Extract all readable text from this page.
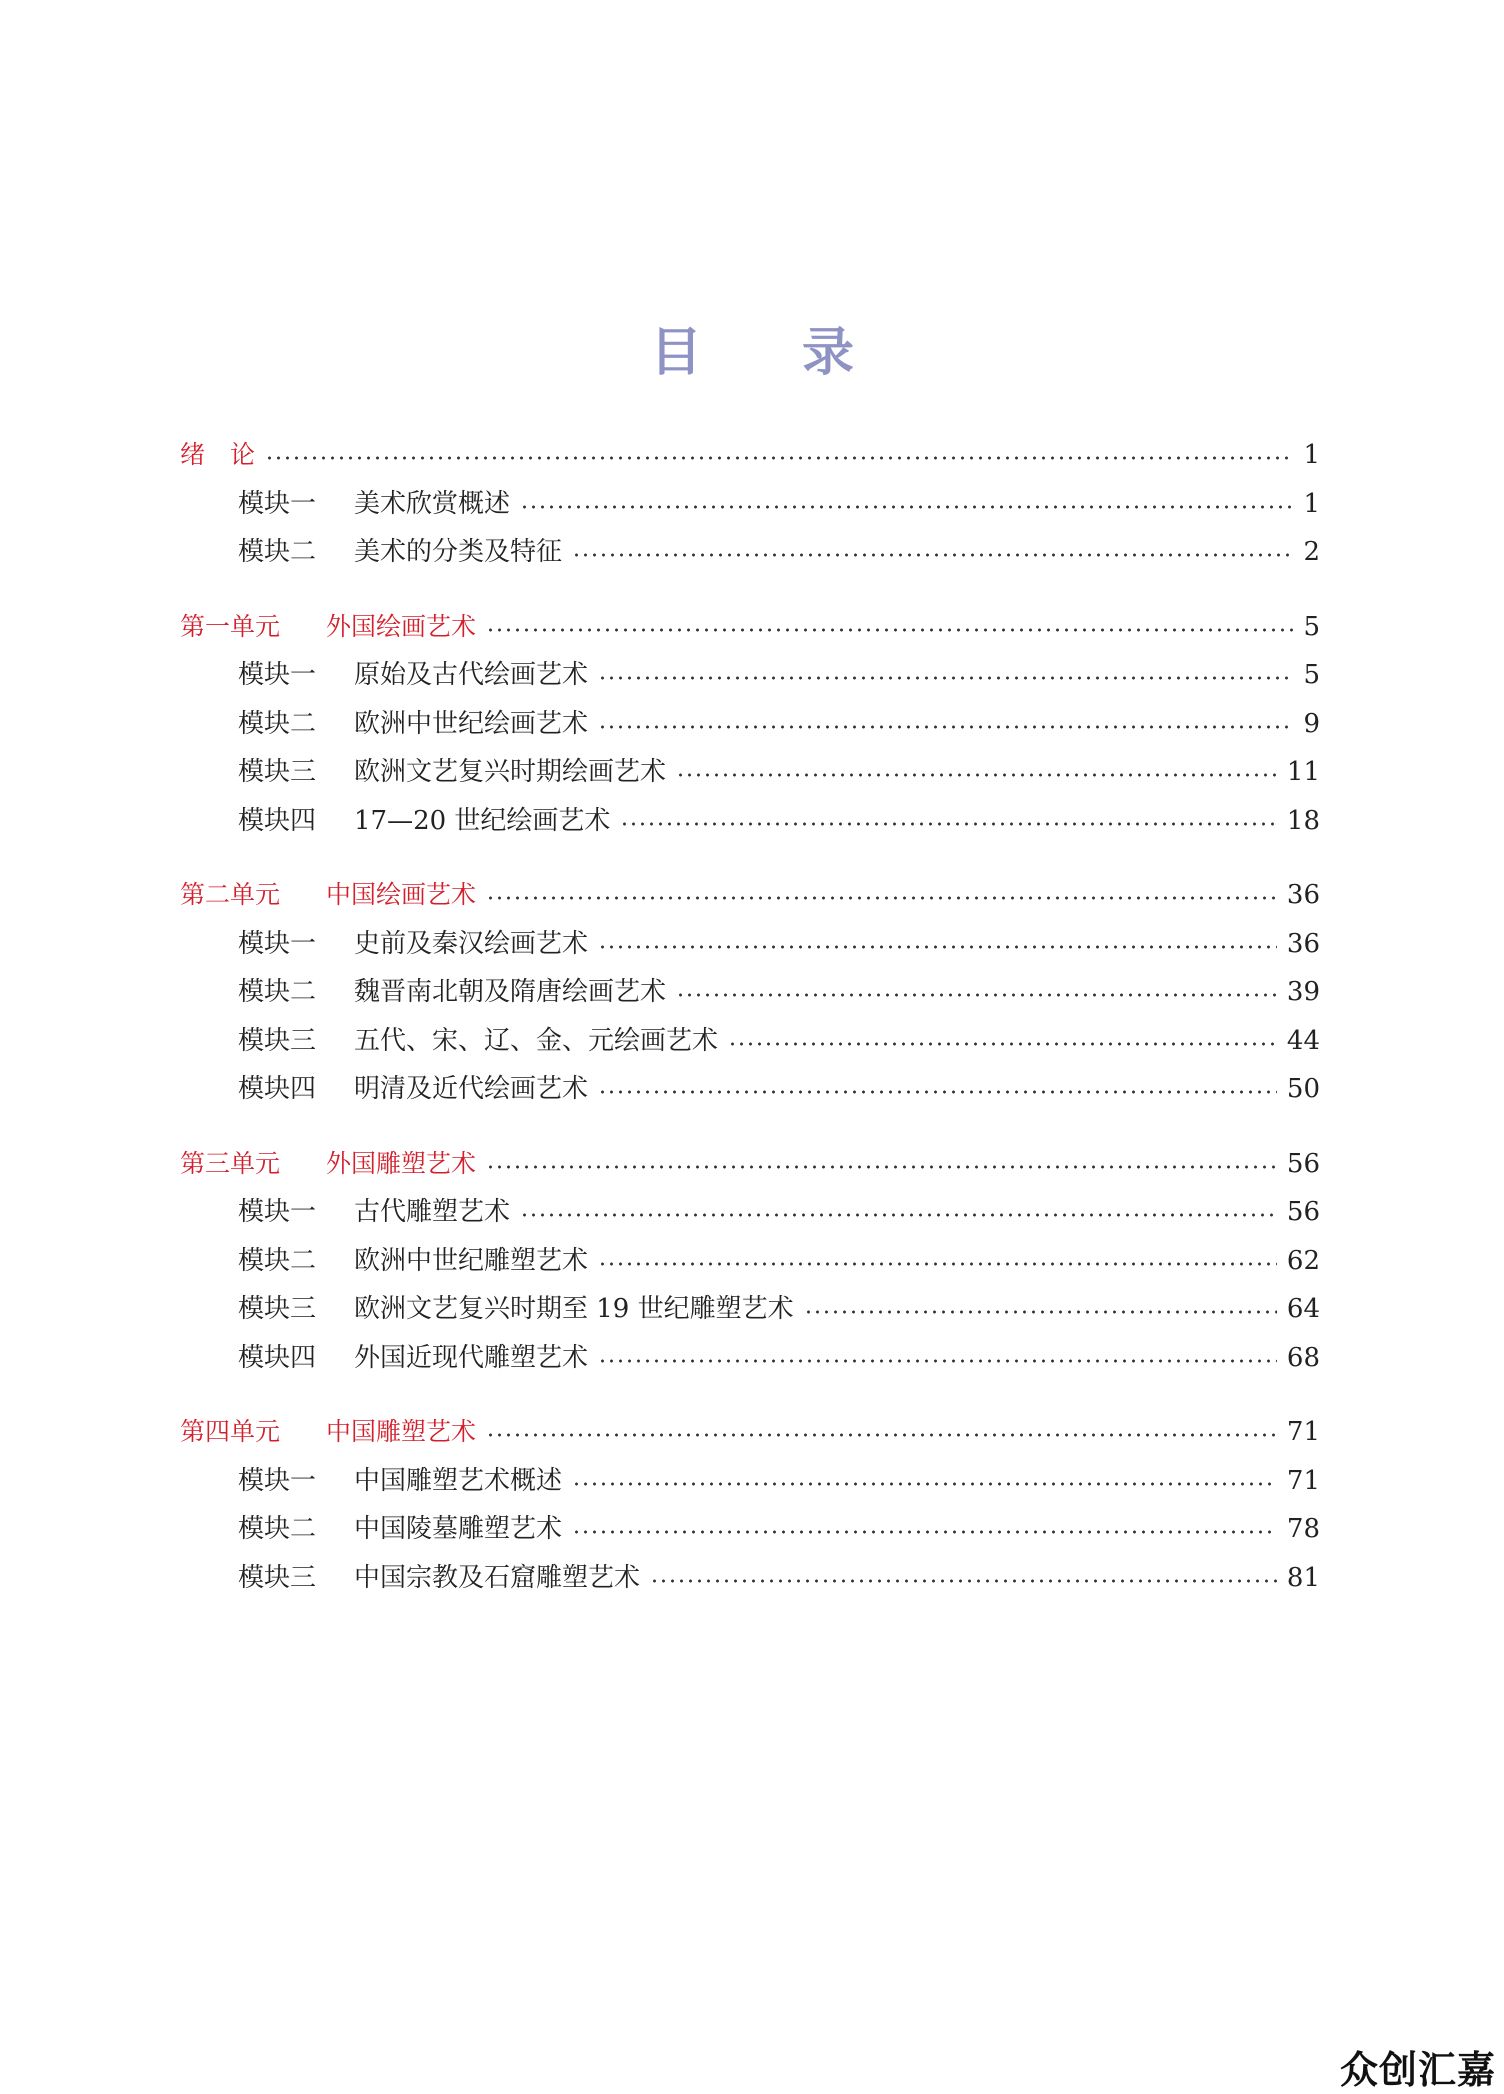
目 录
绪　论	1
模块一	美术欣赏概述	1
模块二	美术的分类及特征	2
第一单元	外国绘画艺术	5
模块一	原始及古代绘画艺术	5
模块二	欧洲中世纪绘画艺术	9
模块三	欧洲文艺复兴时期绘画艺术	11
模块四	17—20 世纪绘画艺术	18
第二单元	中国绘画艺术	36
模块一	史前及秦汉绘画艺术	36
模块二	魏晋南北朝及隋唐绘画艺术	39
模块三	五代、宋、辽、金、元绘画艺术	44
模块四	明清及近代绘画艺术	50
第三单元	外国雕塑艺术	56
模块一	古代雕塑艺术	56
模块二	欧洲中世纪雕塑艺术	62
模块三	欧洲文艺复兴时期至 19 世纪雕塑艺术	64
模块四	外国近现代雕塑艺术	68
第四单元	中国雕塑艺术	71
模块一	中国雕塑艺术概述	71
模块二	中国陵墓雕塑艺术	78
模块三	中国宗教及石窟雕塑艺术	81
众创汇嘉
